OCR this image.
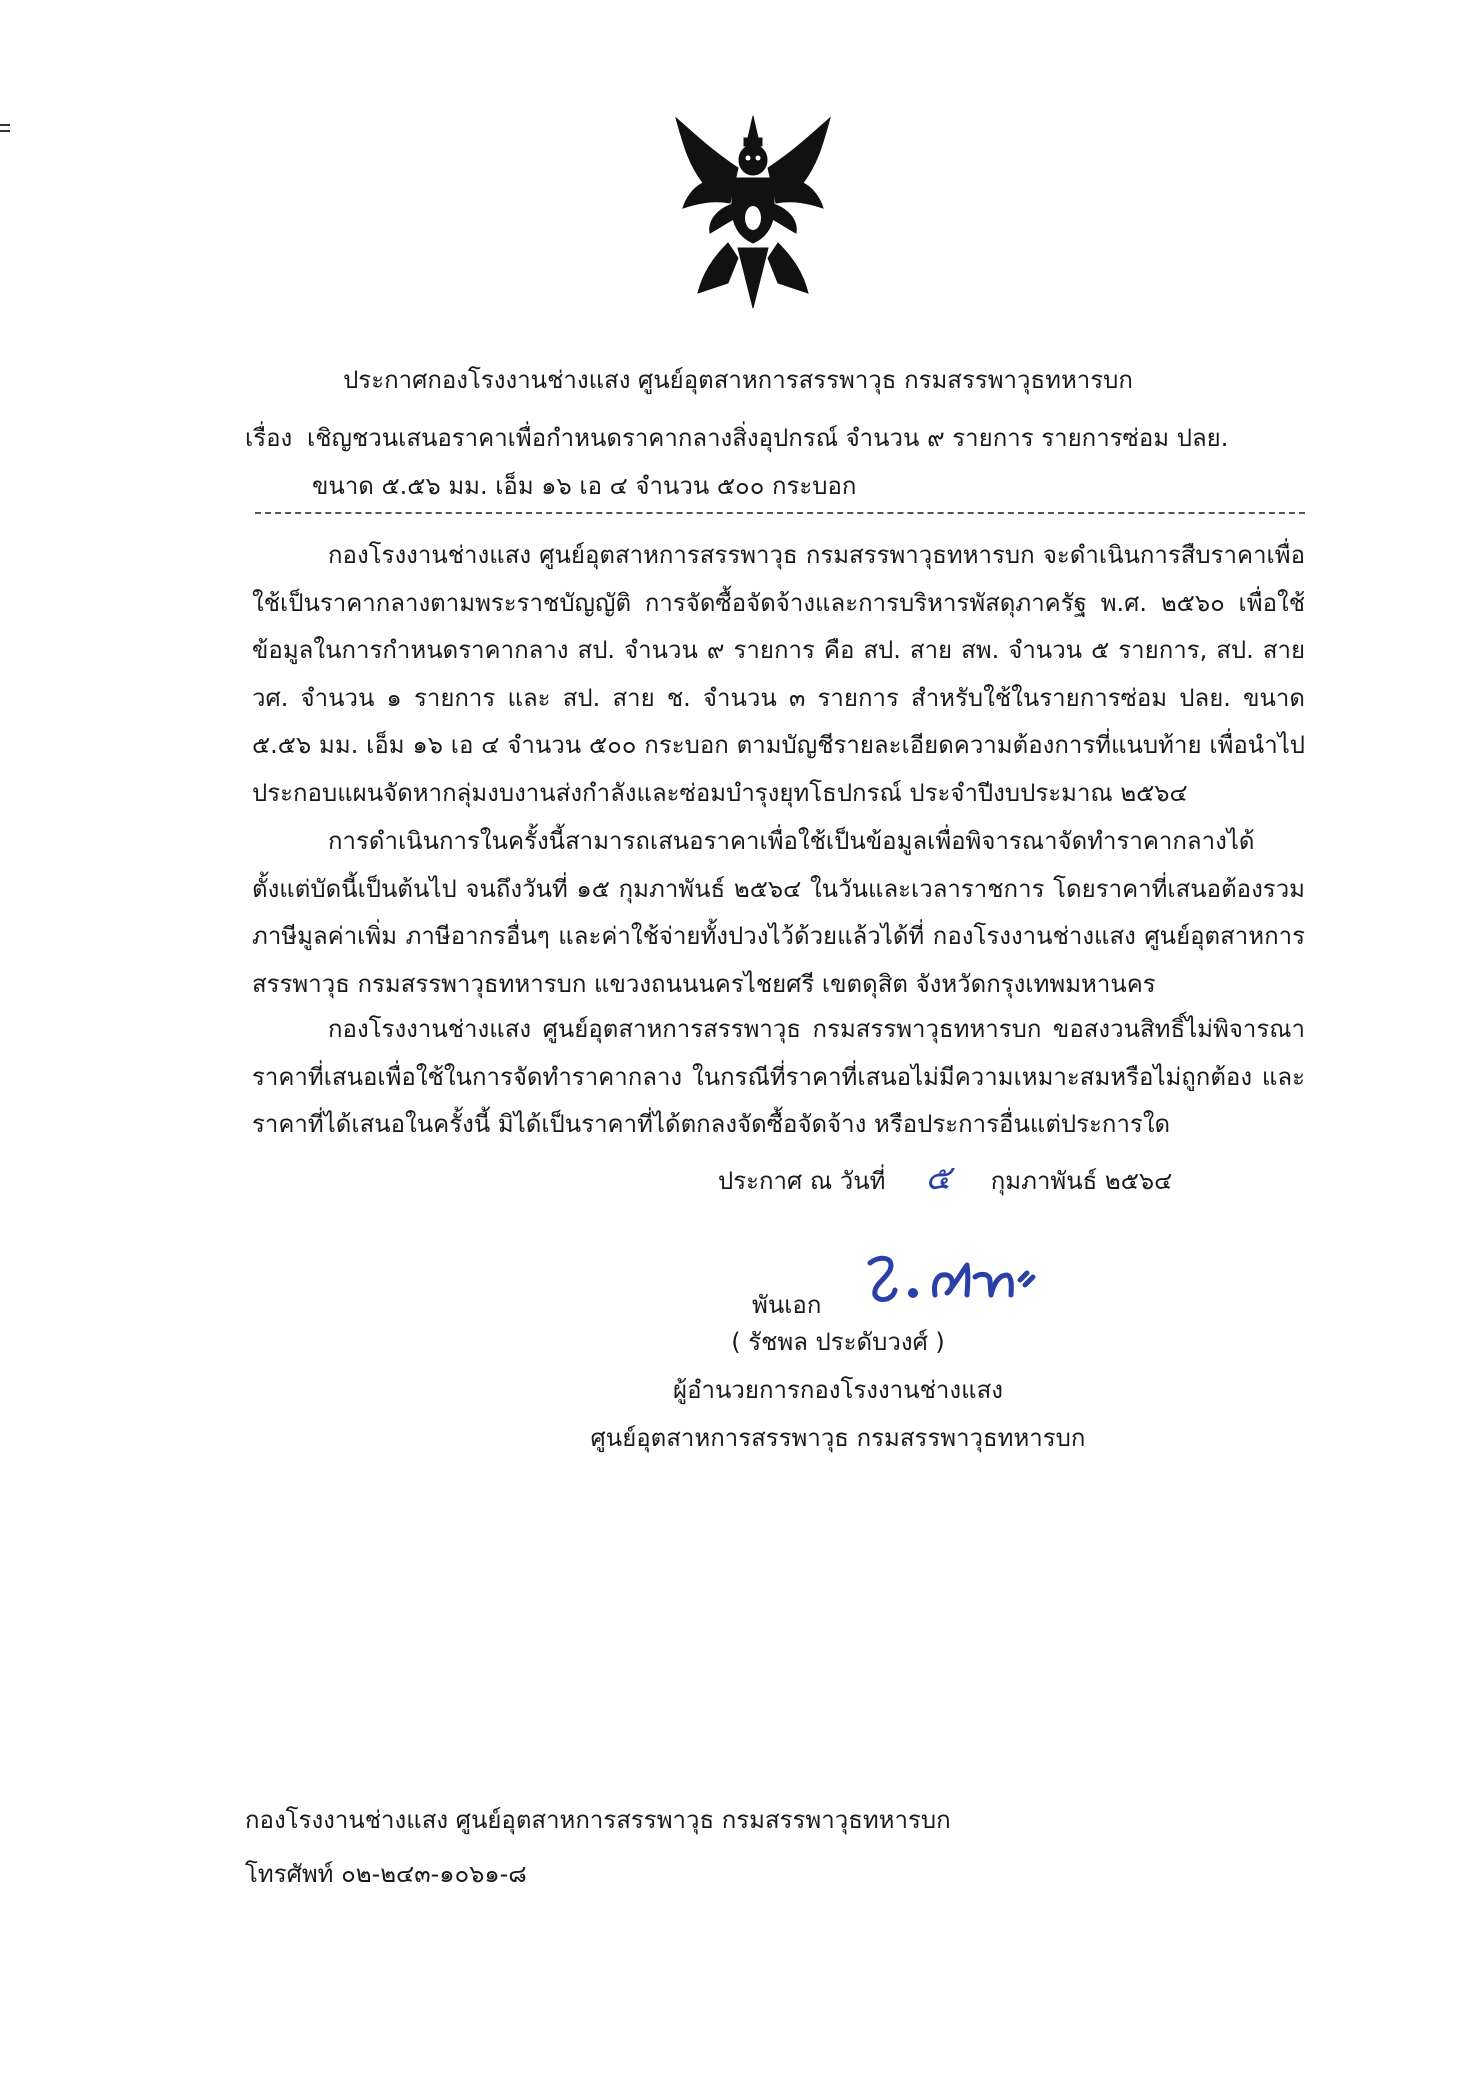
ประกาศกองโรงงานช่างแสง ศูนย์อุตสาหการสรรพาวุธ กรมสรรพาวุธทหารบก
เรื่อง เชิญชวนเสนอราคาเพื่อกำหนดราคากลางสิ่งอุปกรณ์ จำนวน ๙ รายการ รายการซ่อม ปลย.
ขนาด ๕.๕๖ มม. เอ็ม ๑๖ เอ ๔ จำนวน ๕๐๐ กระบอก

กองโรงงานช่างแสง ศูนย์อุตสาหการสรรพาวุธ กรมสรรพาวุธทหารบก จะดำเนินการสืบราคาเพื่อใช้เป็นราคากลางตามพระราชบัญญัติ การจัดซื้อจัดจ้างและการบริหารพัสดุภาครัฐ พ.ศ. ๒๕๖๐ เพื่อใช้ข้อมูลในการกำหนดราคากลาง สป. จำนวน ๙ รายการ คือ สป. สาย สพ. จำนวน ๕ รายการ, สป. สาย วศ. จำนวน ๑ รายการ และ สป. สาย ช. จำนวน ๓ รายการ สำหรับใช้ในรายการซ่อม ปลย. ขนาด ๕.๕๖ มม. เอ็ม ๑๖ เอ ๔ จำนวน ๕๐๐ กระบอก ตามบัญชีรายละเอียดความต้องการที่แนบท้าย เพื่อนำไปประกอบแผนจัดหากลุ่มงบงานส่งกำลังและซ่อมบำรุงยุทโธปกรณ์ ประจำปีงบประมาณ ๒๕๖๔

การดำเนินการในครั้งนี้สามารถเสนอราคาเพื่อใช้เป็นข้อมูลเพื่อพิจารณาจัดทำราคากลางได้ตั้งแต่บัดนี้เป็นต้นไป จนถึงวันที่ ๑๕ กุมภาพันธ์ ๒๕๖๔ ในวันและเวลาราชการ โดยราคาที่เสนอต้องรวมภาษีมูลค่าเพิ่ม ภาษีอากรอื่นๆ และค่าใช้จ่ายทั้งปวงไว้ด้วยแล้วได้ที่ กองโรงงานช่างแสง ศูนย์อุตสาหการสรรพาวุธ กรมสรรพาวุธทหารบก แขวงถนนนครไชยศรี เขตดุสิต จังหวัดกรุงเทพมหานคร

กองโรงงานช่างแสง ศูนย์อุตสาหการสรรพาวุธ กรมสรรพาวุธทหารบก ขอสงวนสิทธิ์ไม่พิจารณาราคาที่เสนอเพื่อใช้ในการจัดทำราคากลาง ในกรณีที่ราคาที่เสนอไม่มีความเหมาะสมหรือไม่ถูกต้อง และราคาที่ได้เสนอในครั้งนี้ มิได้เป็นราคาที่ได้ตกลงจัดซื้อจัดจ้าง หรือประการอื่นแต่ประการใด

ประกาศ ณ วันที่ ๕ กุมภาพันธ์ ๒๕๖๔
พันเอก
( รัชพล ประดับวงศ์ )
ผู้อำนวยการกองโรงงานช่างแสง
ศูนย์อุตสาหการสรรพาวุธ กรมสรรพาวุธทหารบก
กองโรงงานช่างแสง ศูนย์อุตสาหการสรรพาวุธ กรมสรรพาวุธทหารบก
โทรศัพท์ ๐๒-๒๔๓-๑๐๖๑-๘
